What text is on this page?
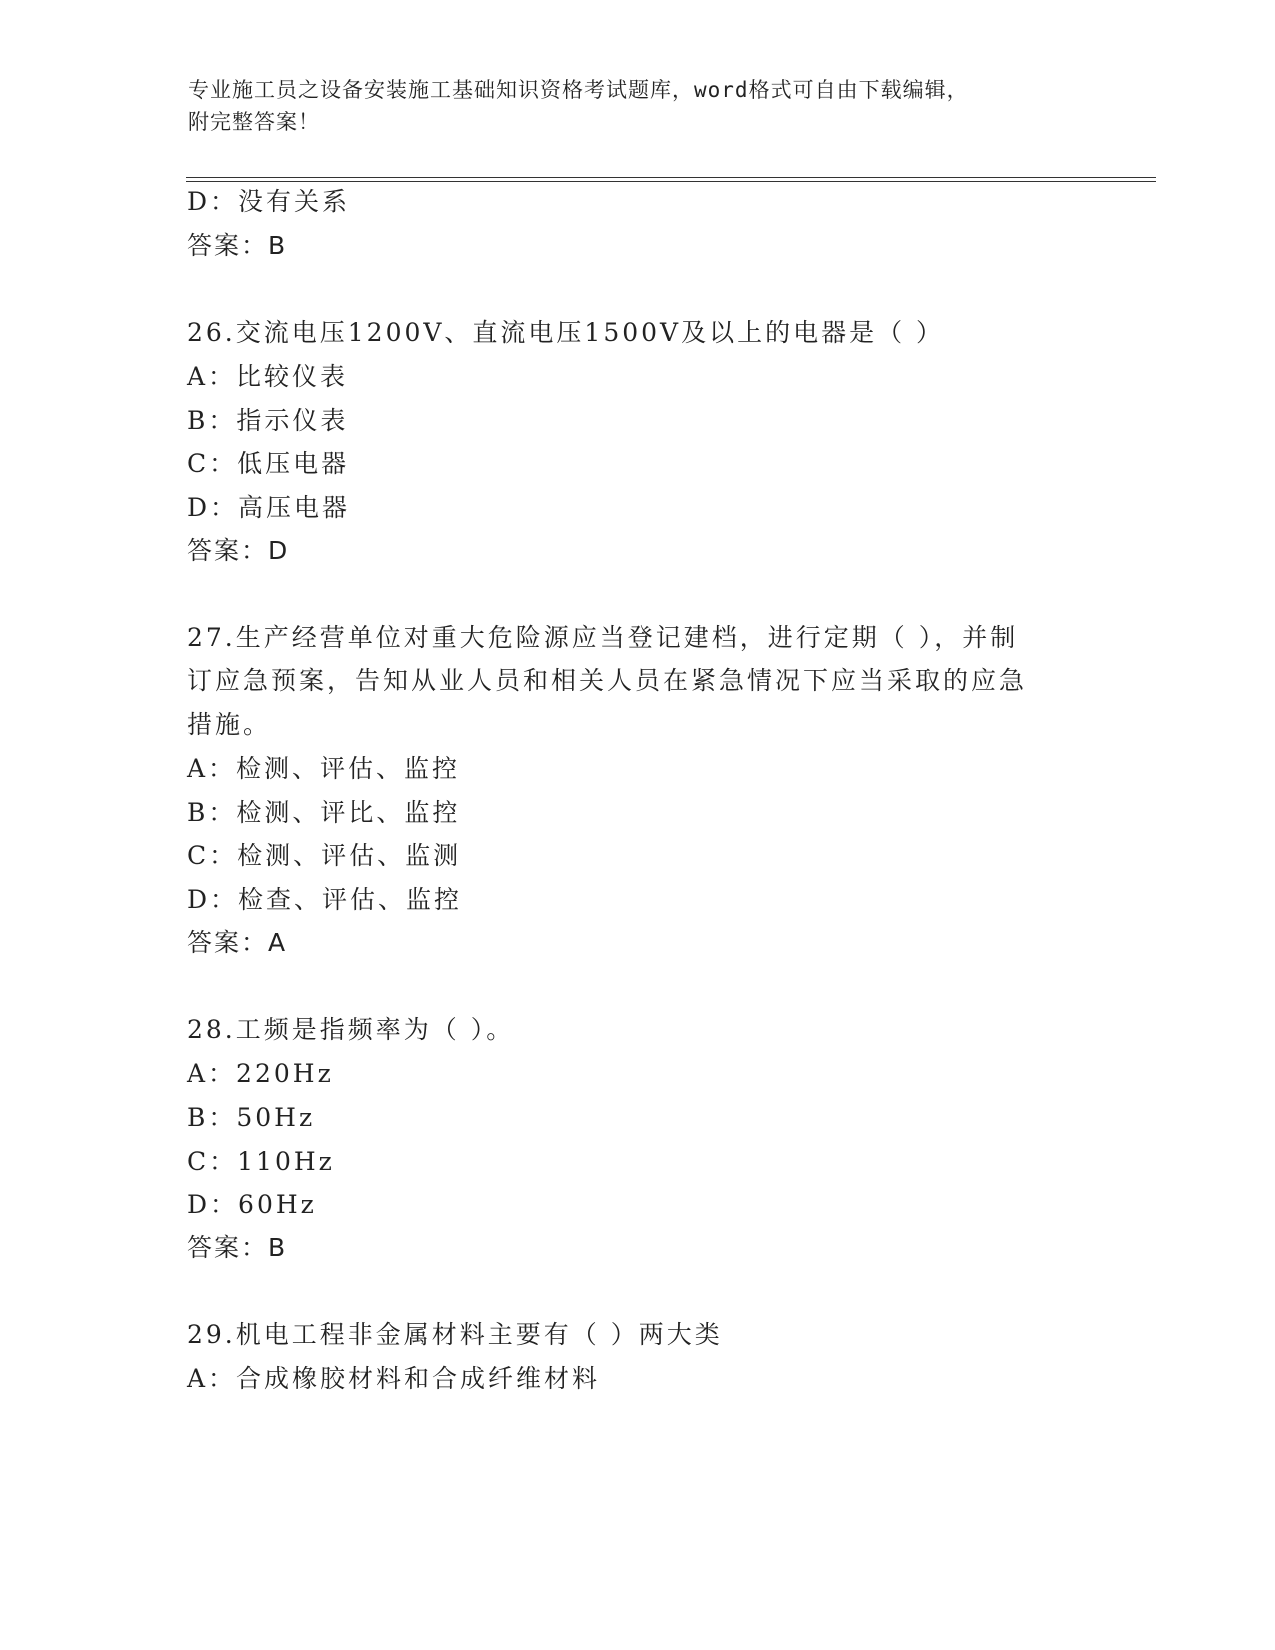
专业施工员之设备安装施工基础知识资格考试题库，word格式可自由下载编辑，
附完整答案！
D：没有关系
答案：B
26.交流电压1200V、直流电压1500V及以上的电器是（ ）
A：比较仪表
B：指示仪表
C：低压电器
D：高压电器
答案：D
27.生产经营单位对重大危险源应当登记建档，进行定期（ ），并制
订应急预案，告知从业人员和相关人员在紧急情况下应当采取的应急
措施。
A：检测、评估、监控
B：检测、评比、监控
C：检测、评估、监测
D：检查、评估、监控
答案：A
28.工频是指频率为（ ）。
A：220Hz
B：50Hz
C：110Hz
D：60Hz
答案：B
29.机电工程非金属材料主要有（ ）两大类
A：合成橡胶材料和合成纤维材料
